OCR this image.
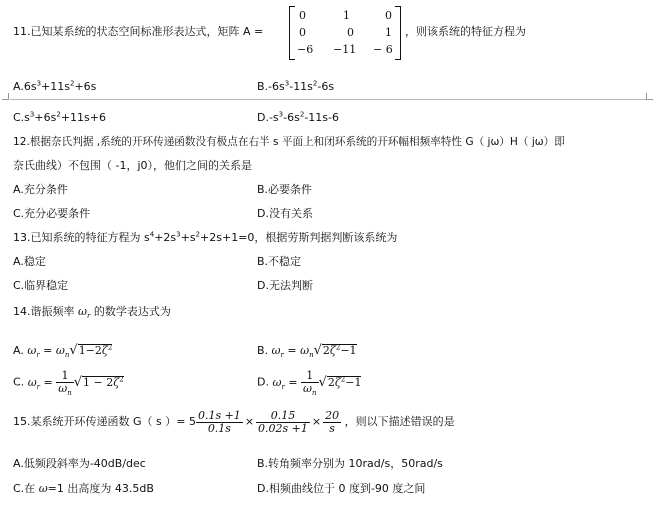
11.已知某系统的状态空间标准形表达式，矩阵 A =
0	1	0
0	0	1
−6 −11 − 6
，则该系统的特征方程为
$A.6s^3+11s^2+6s$	$B.-6s^3-11s^2-6s$
$C.s^3+6s^2+11s+6$	$D.-s^3-6s^2-11s-6$
12.根据奈氏判据 ,系统的开环传递函数没有极点在右半 s 平面上和闭环系统的开环幅相频率特性 G（ jω）H（ jω）即
奈氏曲线）不包围（ -1，j0），他们之间的关系是
A.充分条件	B.必要条件
C.充分必要条件	D.没有关系
13.已知系统的特征方程为 $s^4+2s^3+s^2+2s+1=0$，根据劳斯判据判断该系统为
A.稳定	B.不稳定
C.临界稳定	D.无法判断
14.谐振频率 $\omega_r$ 的数学表达式为
A. $\omega_r = \omega_n√1-2\zeta^2$	B. $\omega_r = \omega_n√2\zeta^2-1$
C. $\omega_r = \frac{1}{\omega_n} √1 - 2\zeta^2$	D. $\omega_r = \frac{1}{\omega_n} √2\zeta^2-1$
15.某系统开环传递函数 G（ s ）= $5 \frac{0.1s +1}{0.1s} \times \frac{0.15}{0.02s +1} \times \frac{20}{s}$ ，则以下描述错误的是
A.低频段斜率为-40dB/dec	B.转角频率分别为 10rad/s，50rad/s
C.在 ω=1 出高度为 43.5dB	D.相频曲线位于 0 度到-90 度之间
